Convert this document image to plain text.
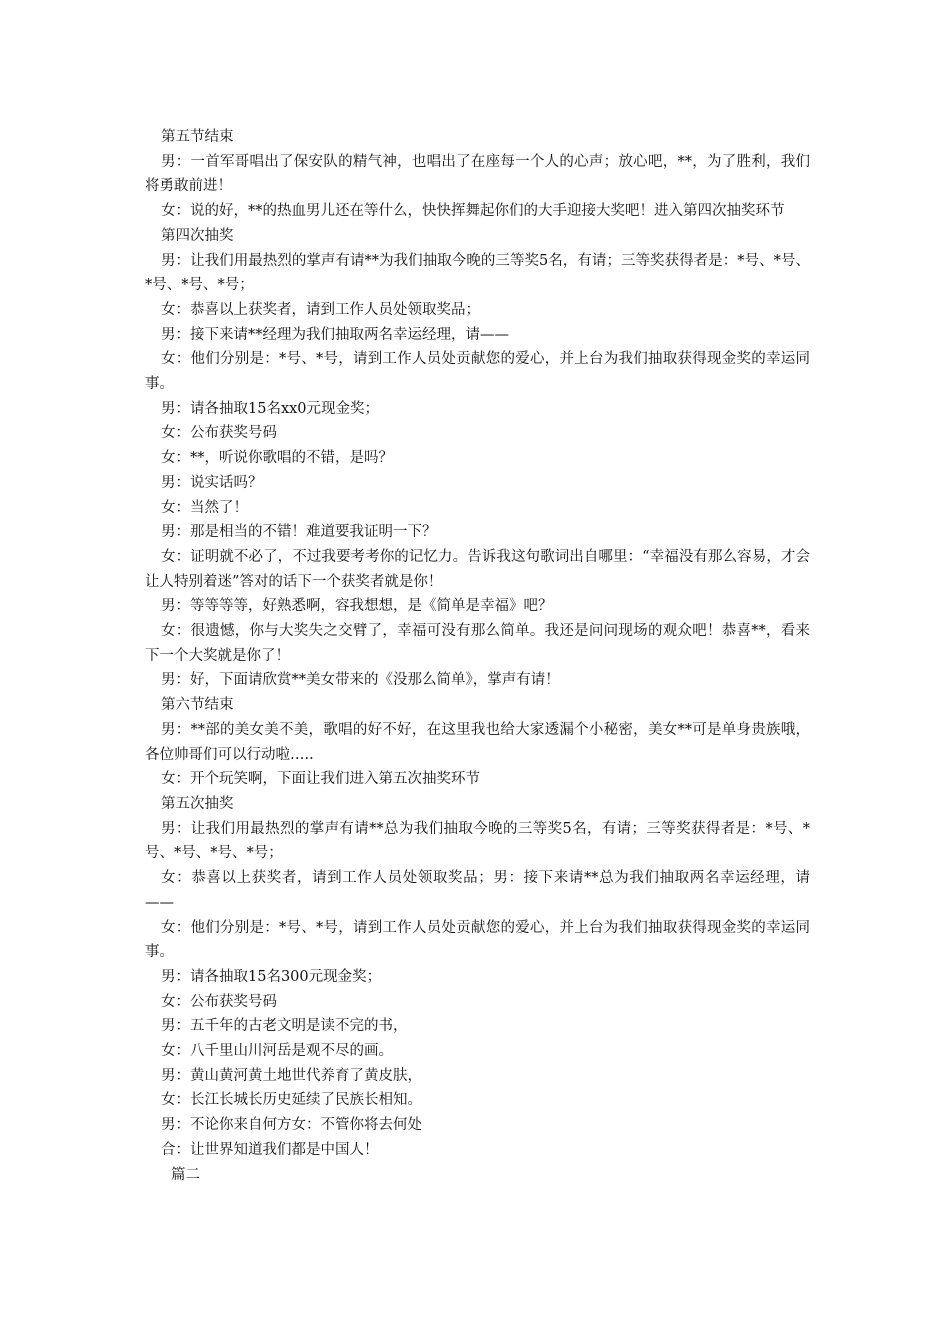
第五节结束

男：一首军哥唱出了保安队的精气神，也唱出了在座每一个人的心声；放心吧，**，为了胜利，我们将勇敢前进！

女：说的好，**的热血男儿还在等什么，快快挥舞起你们的大手迎接大奖吧！进入第四次抽奖环节

第四次抽奖

男：让我们用最热烈的掌声有请**为我们抽取今晚的三等奖5名，有请；三等奖获得者是：*号、*号、*号、*号、*号；

女：恭喜以上获奖者，请到工作人员处领取奖品；

男：接下来请**经理为我们抽取两名幸运经理，请——

女：他们分别是：*号、*号，请到工作人员处贡献您的爱心，并上台为我们抽取获得现金奖的幸运同事。

男：请各抽取15名xx0元现金奖；

女：公布获奖号码

女：**，听说你歌唱的不错，是吗？

男：说实话吗？

女：当然了！

男：那是相当的不错！难道要我证明一下？

女：证明就不必了，不过我要考考你的记忆力。告诉我这句歌词出自哪里：“幸福没有那么容易，才会让人特别着迷”答对的话下一个获奖者就是你！

男：等等等等，好熟悉啊，容我想想，是《简单是幸福》吧？

女：很遗憾，你与大奖失之交臂了，幸福可没有那么简单。我还是问问现场的观众吧！恭喜**，看来下一个大奖就是你了！

男：好，下面请欣赏**美女带来的《没那么简单》，掌声有请！

第六节结束

男：**部的美女美不美，歌唱的好不好，在这里我也给大家透漏个小秘密，美女**可是单身贵族哦，各位帅哥们可以行动啦…..

女：开个玩笑啊，下面让我们进入第五次抽奖环节

第五次抽奖

男：让我们用最热烈的掌声有请**总为我们抽取今晚的三等奖5名，有请；三等奖获得者是：*号、*号、*号、*号、*号；

女：恭喜以上获奖者，请到工作人员处领取奖品；男：接下来请**总为我们抽取两名幸运经理，请——

女：他们分别是：*号、*号，请到工作人员处贡献您的爱心，并上台为我们抽取获得现金奖的幸运同事。

男：请各抽取15名300元现金奖；

女：公布获奖号码

男：五千年的古老文明是读不完的书，

女：八千里山川河岳是观不尽的画。

男：黄山黄河黄土地世代养育了黄皮肤，

女：长江长城长历史延续了民族长相知。

男：不论你来自何方女：不管你将去何处

合：让世界知道我们都是中国人！

篇二
